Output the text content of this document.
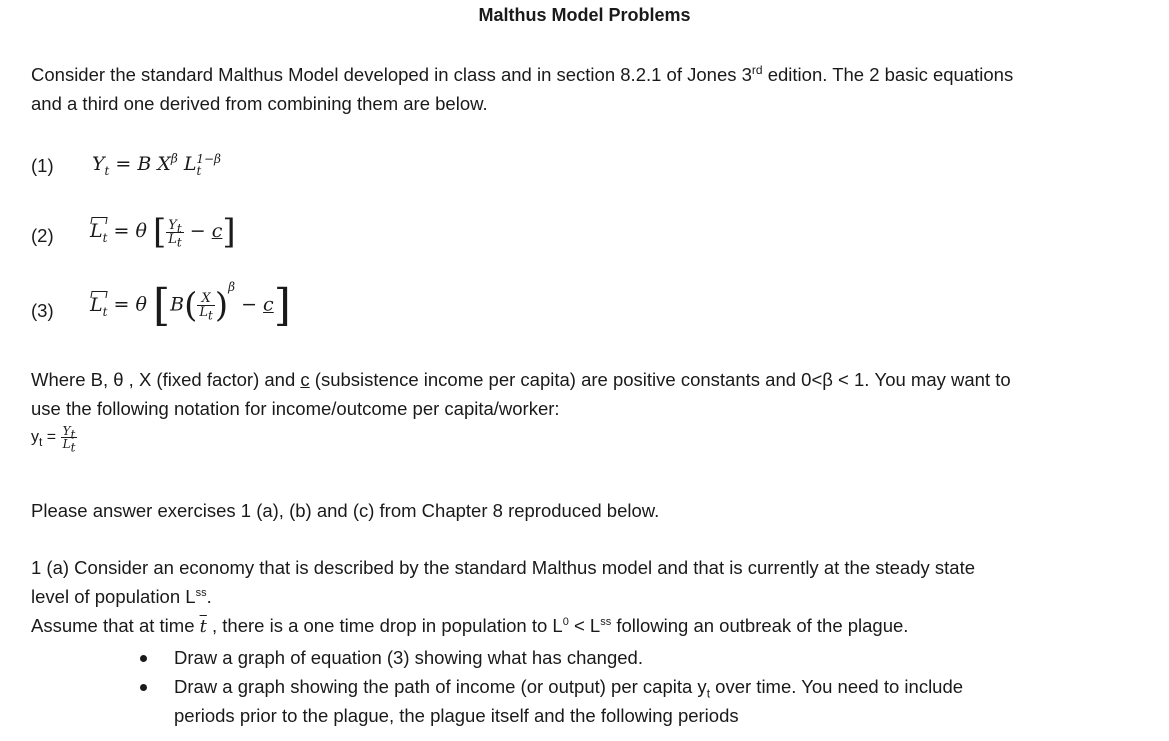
Malthus Model Problems
Consider the standard Malthus Model developed in class and in section 8.2.1 of Jones 3rd edition. The 2 basic equations
and a third one derived from combining them are below.
(1) $Y_t = B$ $X^\beta$ $L_t^{1-\beta}$
(2) $L_t = \theta$ [ $\frac{Y_t}{L_t} - c$]
(3) $L_t = \theta$ $[B( \frac{X}{L_t} )^\beta - c]$
Where B, θ , X (fixed factor) and c (subsistence income per capita) are positive constants and 0<β < 1. You may want to
use the following notation for income/outcome per capita/worker:
$y_t = \frac{Y_t}{L_t}$
Please answer exercises 1 (a), (b) and (c) from Chapter 8 reproduced below.
1 (a) Consider an economy that is described by the standard Malthus model and that is currently at the steady state
level of population $L^{ss}$.
Assume that at time $\overline{t}$ , there is a one time drop in population to $L^0 < L^{ss}$ following an outbreak of the plague.
Draw a graph of equation (3) showing what has changed.
Draw a graph showing the path of income (or output) per capita $y_t$ over time. You need to include
periods prior to the plague, the plague itself and the following periods
